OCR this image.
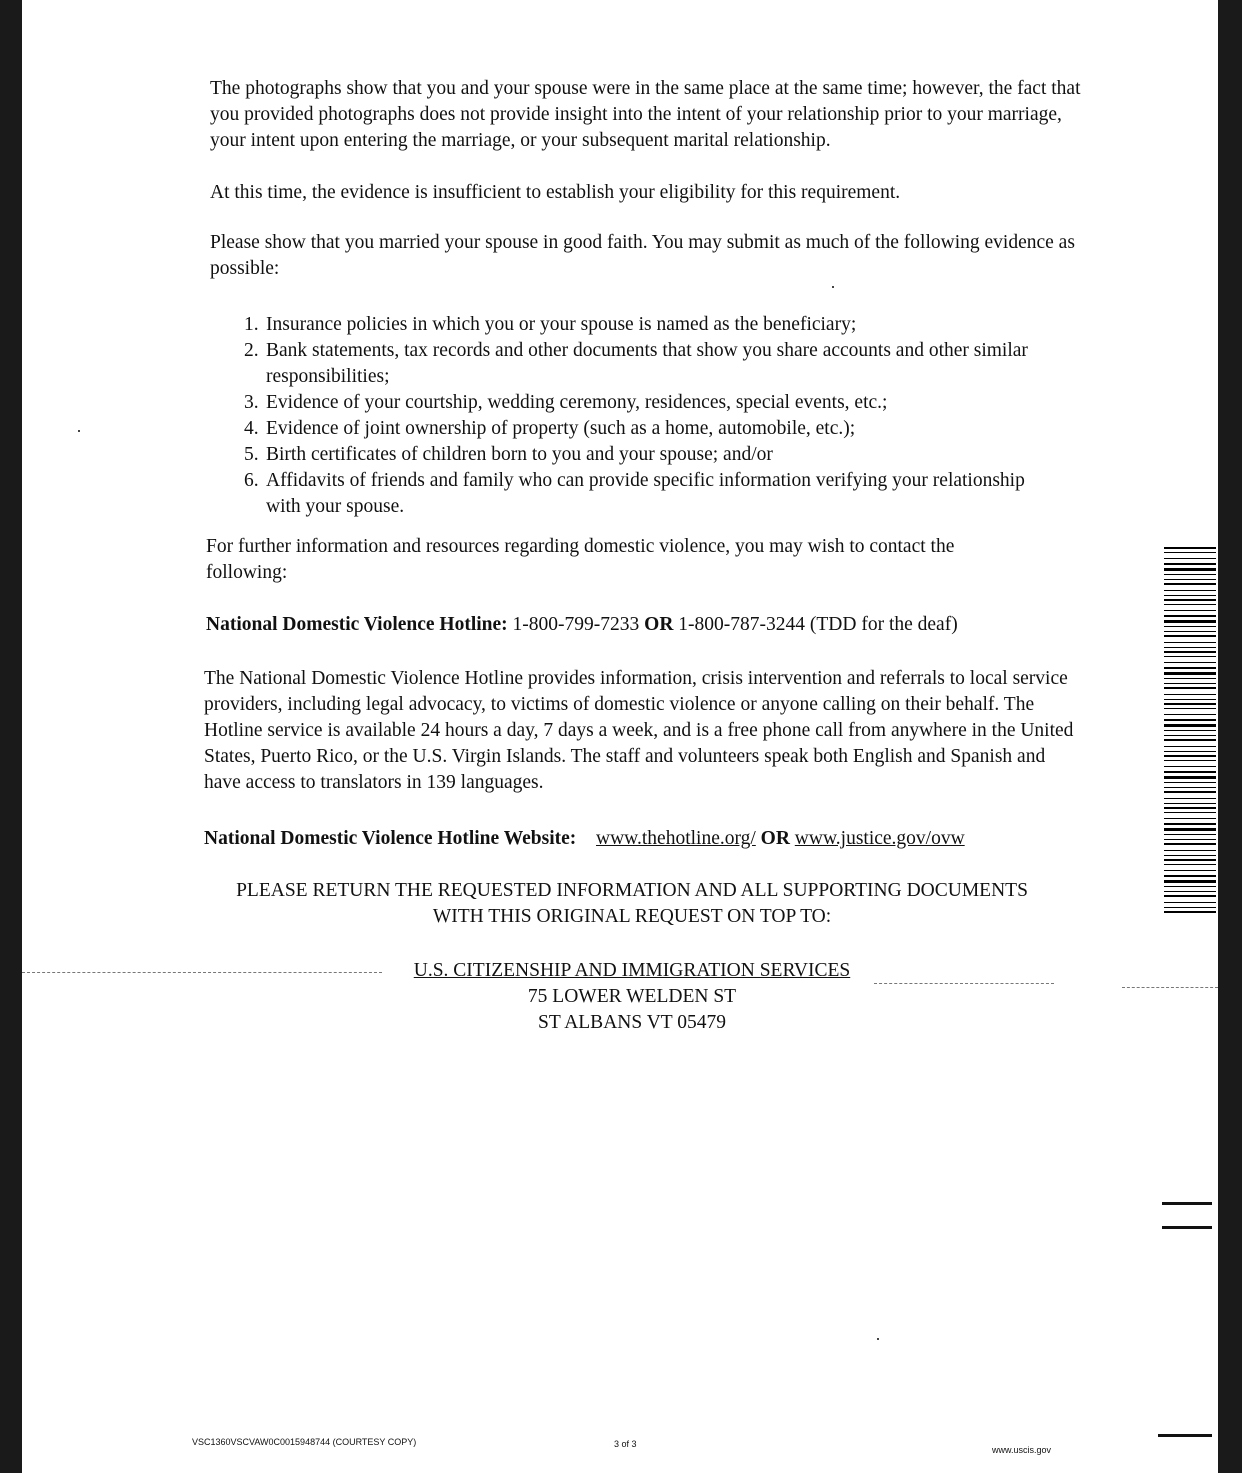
The photographs show that you and your spouse were in the same place at the same time; however, the fact that you provided photographs does not provide insight into the intent of your relationship prior to your marriage, your intent upon entering the marriage, or your subsequent marital relationship.

At this time, the evidence is insufficient to establish your eligibility for this requirement.

Please show that you married your spouse in good faith. You may submit as much of the following evidence as possible:

1. Insurance policies in which you or your spouse is named as the beneficiary;
2. Bank statements, tax records and other documents that show you share accounts and other similar responsibilities;
3. Evidence of your courtship, wedding ceremony, residences, special events, etc.;
4. Evidence of joint ownership of property (such as a home, automobile, etc.);
5. Birth certificates of children born to you and your spouse; and/or
6. Affidavits of friends and family who can provide specific information verifying your relationship with your spouse.

For further information and resources regarding domestic violence, you may wish to contact the following:

National Domestic Violence Hotline: 1-800-799-7233 OR 1-800-787-3244 (TDD for the deaf)

The National Domestic Violence Hotline provides information, crisis intervention and referrals to local service providers, including legal advocacy, to victims of domestic violence or anyone calling on their behalf. The Hotline service is available 24 hours a day, 7 days a week, and is a free phone call from anywhere in the United States, Puerto Rico, or the U.S. Virgin Islands. The staff and volunteers speak both English and Spanish and have access to translators in 139 languages.

National Domestic Violence Hotline Website: www.thehotline.org/ OR www.justice.gov/ovw

PLEASE RETURN THE REQUESTED INFORMATION AND ALL SUPPORTING DOCUMENTS
WITH THIS ORIGINAL REQUEST ON TOP TO:
U.S. CITIZENSHIP AND IMMIGRATION SERVICES
75 LOWER WELDEN ST
ST ALBANS VT 05479
VSC1360VSCVAW0C0015948744 (COURTESY COPY)	3 of 3
www.uscis.gov
